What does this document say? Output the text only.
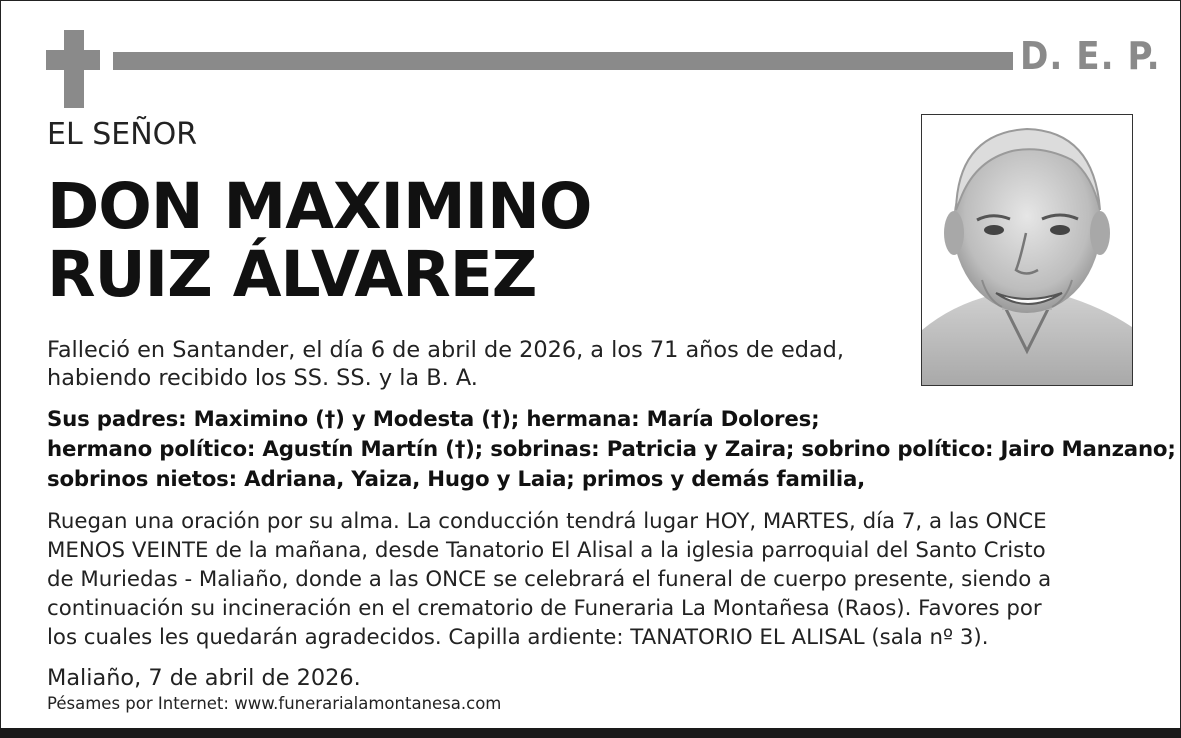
D. E. P.
EL SEÑOR
DON MAXIMINO
RUIZ ÁLVAREZ
Falleció en Santander, el día 6 de abril de 2026, a los 71 años de edad,
habiendo recibido los SS. SS. y la B. A.
Sus padres: Maximino (†) y Modesta (†); hermana: María Dolores;
hermano político: Agustín Martín (†); sobrinas: Patricia y Zaira; sobrino político: Jairo Manzano;
sobrinos nietos: Adriana, Yaiza, Hugo y Laia; primos y demás familia,
Ruegan una oración por su alma. La conducción tendrá lugar HOY, MARTES, día 7, a las ONCE
MENOS VEINTE de la mañana, desde Tanatorio El Alisal a la iglesia parroquial del Santo Cristo
de Muriedas - Maliaño, donde a las ONCE se celebrará el funeral de cuerpo presente, siendo a
continuación su incineración en el crematorio de Funeraria La Montañesa (Raos). Favores por
los cuales les quedarán agradecidos. Capilla ardiente: TANATORIO EL ALISAL (sala nº 3).
Maliaño, 7 de abril de 2026.
Pésames por Internet: www.funerarialamontanesa.com
